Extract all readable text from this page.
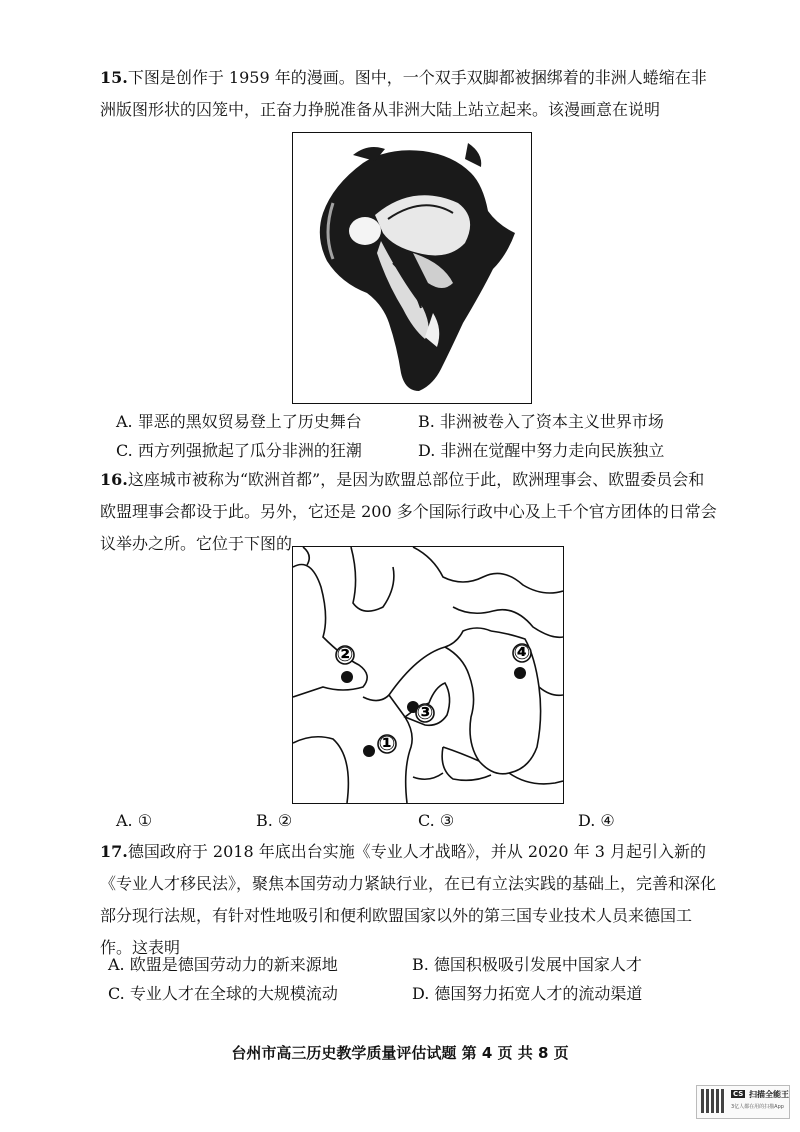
15.下图是创作于 1959 年的漫画。图中，一个双手双脚都被捆绑着的非洲人蜷缩在非洲版图形状的囚笼中，正奋力挣脱准备从非洲大陆上站立起来。该漫画意在说明

A. 罪恶的黑奴贸易登上了历史舞台	B. 非洲被卷入了资本主义世界市场
C. 西方列强掀起了瓜分非洲的狂潮	D. 非洲在觉醒中努力走向民族独立

16.这座城市被称为“欧洲首都”，是因为欧盟总部位于此，欧洲理事会、欧盟委员会和欧盟理事会都设于此。另外，它还是 200 多个国际行政中心及上千个官方团体的日常会议举办之所。它位于下图的

②	④
③
①
A. ①	B. ②	C. ③	D. ④

17.德国政府于 2018 年底出台实施《专业人才战略》，并从 2020 年 3 月起引入新的《专业人才移民法》，聚焦本国劳动力紧缺行业，在已有立法实践的基础上，完善和深化部分现行法规，有针对性地吸引和便利欧盟国家以外的第三国专业技术人员来德国工作。这表明

A. 欧盟是德国劳动力的新来源地	B. 德国积极吸引发展中国家人才
C. 专业人才在全球的大规模流动	D. 德国努力拓宽人才的流动渠道
台州市高三历史教学质量评估试题 第 4 页 共 8 页
CS 扫描全能王
3亿人都在用的扫描App
